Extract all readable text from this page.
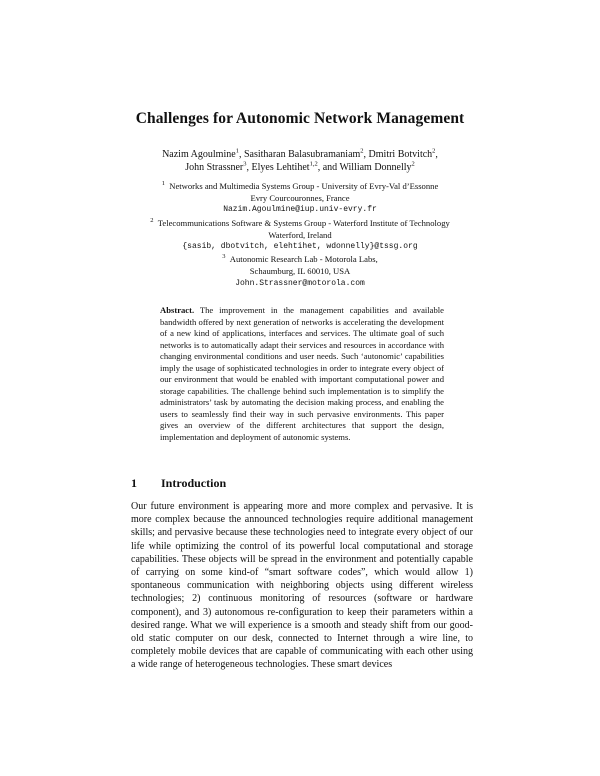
Challenges for Autonomic Network Management
Nazim Agoulmine$^1$, Sasitharan Balasubramaniam$^2$, Dmitri Botvitch$^2$,
John Strassner$^3$, Elyes Lehtihet$^{1,2}$, and William Donnelly$^2$
$^1$ Networks and Multimedia Systems Group - University of Evry-Val d’Essonne
Evry Courcouronnes, France
Nazim.Agoulmine@iup.univ-evry.fr
$^2$ Telecommunications Software & Systems Group - Waterford Institute of Technology
Waterford, Ireland
{sasib, dbotvitch, elehtihet, wdonnelly}@tssg.org
$^3$ Autonomic Research Lab - Motorola Labs,
Schaumburg, IL 60010, USA
John.Strassner@motorola.com
Abstract. The improvement in the management capabilities and available bandwidth offered by next generation of networks is accelerating the development of a new kind of applications, interfaces and services. The ultimate goal of such networks is to automatically adapt their services and resources in accordance with changing environmental conditions and user needs. Such ‘autonomic’ capabilities imply the usage of sophisticated technologies in order to integrate every object of our environment that would be enabled with important computational power and storage capabilities. The challenge behind such implementation is to simplify the administrators’ task by automating the decision making process, and enabling the users to seamlessly find their way in such pervasive environments. This paper gives an overview of the different architectures that support the design, implementation and deployment of autonomic systems.
1 Introduction
Our future environment is appearing more and more complex and pervasive. It is more complex because the announced technologies require additional management skills; and pervasive because these technologies need to integrate every object of our life while optimizing the control of its powerful local computational and storage capabilities. These objects will be spread in the environment and potentially capable of carrying on some kind-of “smart software codes”, which would allow 1) spontaneous communication with neighboring objects using different wireless technologies; 2) continuous monitoring of resources (software or hardware component), and 3) autonomous re-configuration to keep their parameters within a desired range. What we will experience is a smooth and steady shift from our good-old static computer on our desk, connected to Internet through a wire line, to completely mobile devices that are capable of communicating with each other using a wide range of heterogeneous technologies. These smart devices
